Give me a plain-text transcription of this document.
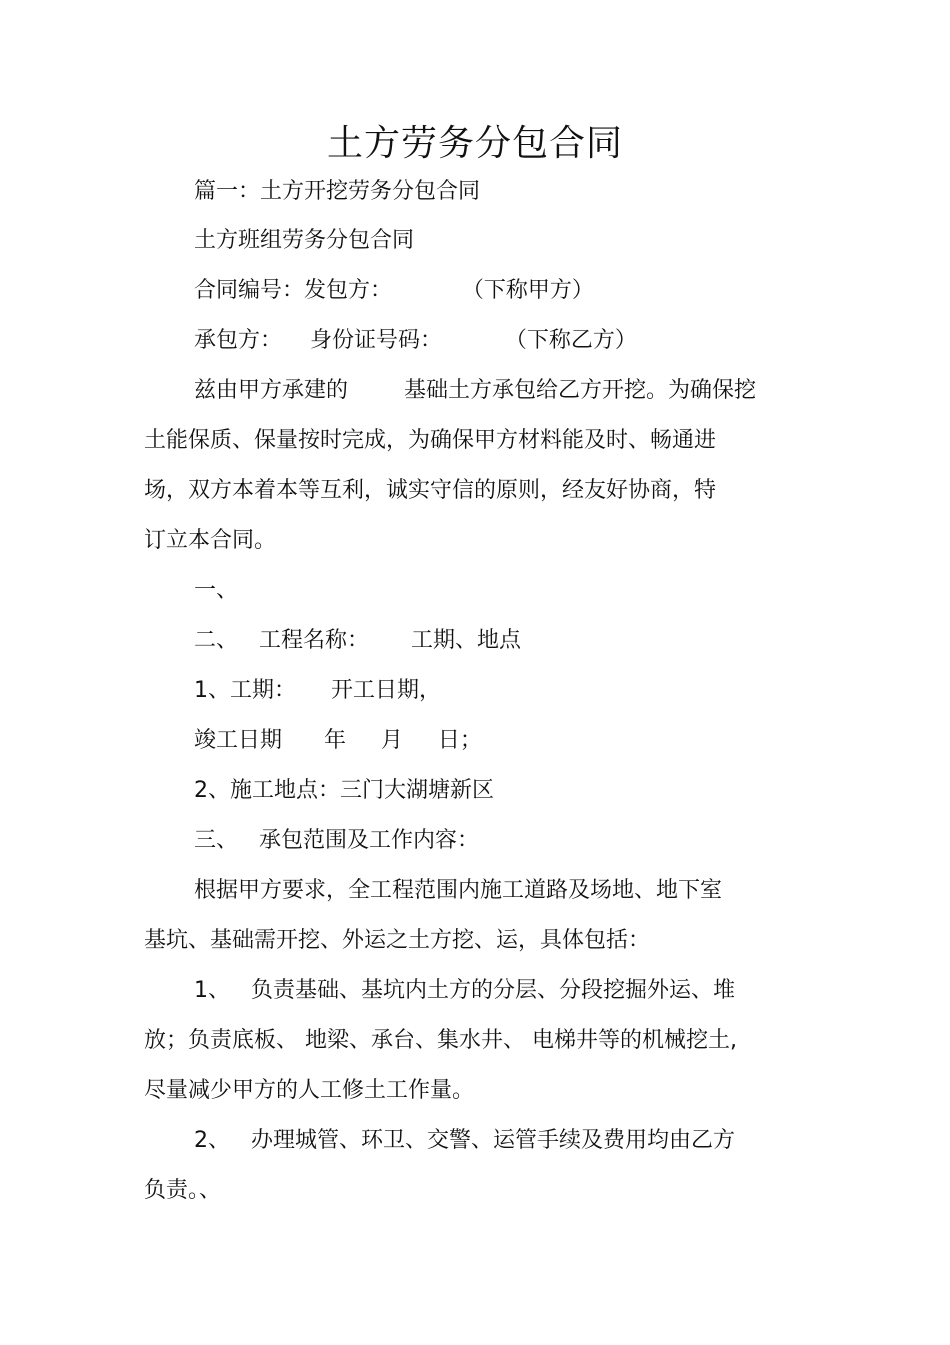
土方劳务分包合同
篇一：土方开挖劳务分包合同
土方班组劳务分包合同
合同编号：发包方：          （下称甲方）
承包方：    身份证号码：         （下称乙方）
兹由甲方承建的        基础土方承包给乙方开挖。为确保挖
土能保质、保量按时完成，为确保甲方材料能及时、畅通进
场，双方本着本等互利，诚实守信的原则，经友好协商，特
订立本合同。
一、
二、   工程名称：      工期、地点
1、工期：     开工日期，
竣工日期      年     月     日；
2、施工地点：三门大湖塘新区
三、   承包范围及工作内容：
根据甲方要求，全工程范围内施工道路及场地、地下室
基坑、基础需开挖、外运之土方挖、运，具体包括：
1、   负责基础、基坑内土方的分层、分段挖掘外运、堆
放；负责底板、 地梁、承台、集水井、 电梯井等的机械挖土,
尽量减少甲方的人工修土工作量。
2、   办理城管、环卫、交警、运管手续及费用均由乙方
负责。、
